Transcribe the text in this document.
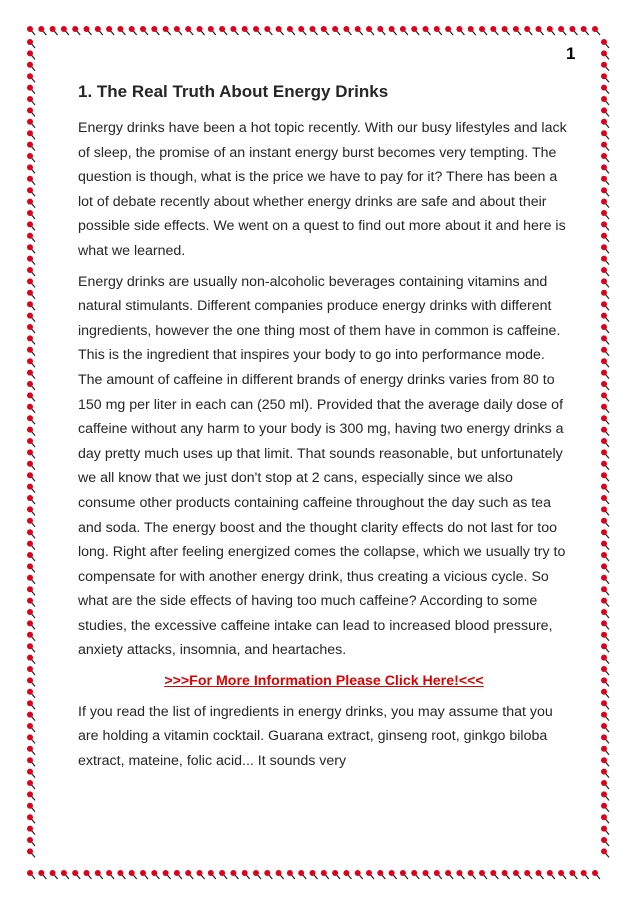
1
1. The Real Truth About Energy Drinks

Energy drinks have been a hot topic recently. With our busy lifestyles and lack of sleep, the promise of an instant energy burst becomes very tempting. The question is though, what is the price we have to pay for it? There has been a lot of debate recently about whether energy drinks are safe and about their possible side effects. We went on a quest to find out more about it and here is what we learned.

Energy drinks are usually non-alcoholic beverages containing vitamins and natural stimulants. Different companies produce energy drinks with different ingredients, however the one thing most of them have in common is caffeine. This is the ingredient that inspires your body to go into performance mode. The amount of caffeine in different brands of energy drinks varies from 80 to 150 mg per liter in each can (250 ml). Provided that the average daily dose of caffeine without any harm to your body is 300 mg, having two energy drinks a day pretty much uses up that limit. That sounds reasonable, but unfortunately we all know that we just don't stop at 2 cans, especially since we also consume other products containing caffeine throughout the day such as tea and soda. The energy boost and the thought clarity effects do not last for too long. Right after feeling energized comes the collapse, which we usually try to compensate for with another energy drink, thus creating a vicious cycle. So what are the side effects of having too much caffeine? According to some studies, the excessive caffeine intake can lead to increased blood pressure, anxiety attacks, insomnia, and heartaches.

>>>For More Information Please Click Here!<<<

If you read the list of ingredients in energy drinks, you may assume that you are holding a vitamin cocktail. Guarana extract, ginseng root, ginkgo biloba extract, mateine, folic acid... It sounds very
